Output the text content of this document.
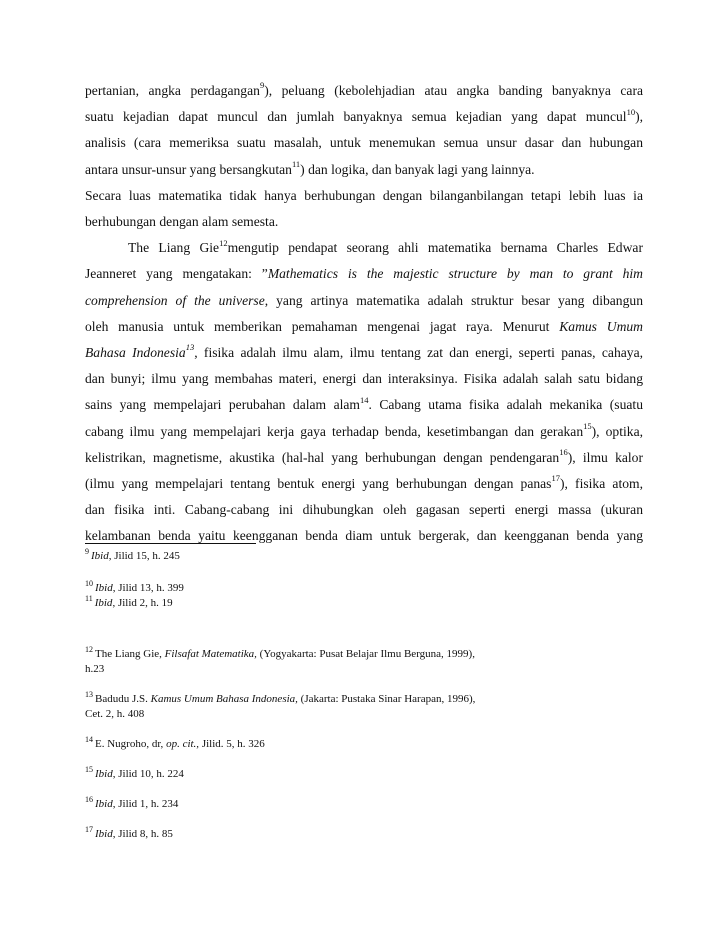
pertanian, angka perdagangan$^9$), peluang (kebolehjadian atau angka banding banyaknya cara
suatu kejadian dapat muncul dan jumlah banyaknya semua kejadian yang dapat muncul$^{10}$),
analisis (cara memeriksa suatu masalah, untuk menemukan semua unsur dasar dan hubungan
antara unsur-unsur yang bersangkutan$^{11}$) dan logika, dan banyak lagi yang lainnya.
Secara luas matematika tidak hanya berhubungan dengan bilanganbilangan tetapi lebih luas ia
berhubungan dengan alam semesta.
The Liang Gie$^{12}$mengutip pendapat seorang ahli matematika bernama Charles Edwar
Jeanneret yang mengatakan: ”Mathematics is the majestic structure by man to grant him
comprehension of the universe, yang artinya matematika adalah struktur besar yang dibangun
oleh manusia untuk memberikan pemahaman mengenai jagat raya. Menurut Kamus Umum
Bahasa Indonesia$^{13}$, fisika adalah ilmu alam, ilmu tentang zat dan energi, seperti panas, cahaya,
dan bunyi; ilmu yang membahas materi, energi dan interaksinya. Fisika adalah salah satu bidang
sains yang mempelajari perubahan dalam alam$^{14}$. Cabang utama fisika adalah mekanika (suatu
cabang ilmu yang mempelajari kerja gaya terhadap benda, kesetimbangan dan gerakan$^{15}$), optika,
kelistrikan, magnetisme, akustika (hal-hal yang berhubungan dengan pendengaran$^{16}$), ilmu kalor
(ilmu yang mempelajari tentang bentuk energi yang berhubungan dengan panas$^{17}$), fisika atom,
dan fisika inti. Cabang-cabang ini dihubungkan oleh gagasan seperti energi massa (ukuran
kelambanan benda yaitu keengganan benda diam untuk bergerak, dan keengganan benda yang
$^9$ Ibid, Jilid 15, h. 245
$^{10}$ Ibid, Jilid 13, h. 399
$^{11}$ Ibid, Jilid 2, h. 19
$^{12}$ The Liang Gie, Filsafat Matematika, (Yogyakarta: Pusat Belajar Ilmu Berguna, 1999),
h.23
$^{13}$ Badudu J.S. Kamus Umum Bahasa Indonesia, (Jakarta: Pustaka Sinar Harapan, 1996),
Cet. 2, h. 408
$^{14}$ E. Nugroho, dr, op. cit., Jilid. 5, h. 326
$^{15}$ Ibid, Jilid 10, h. 224
$^{16}$ Ibid, Jilid 1, h. 234
$^{17}$ Ibid, Jilid 8, h. 85
